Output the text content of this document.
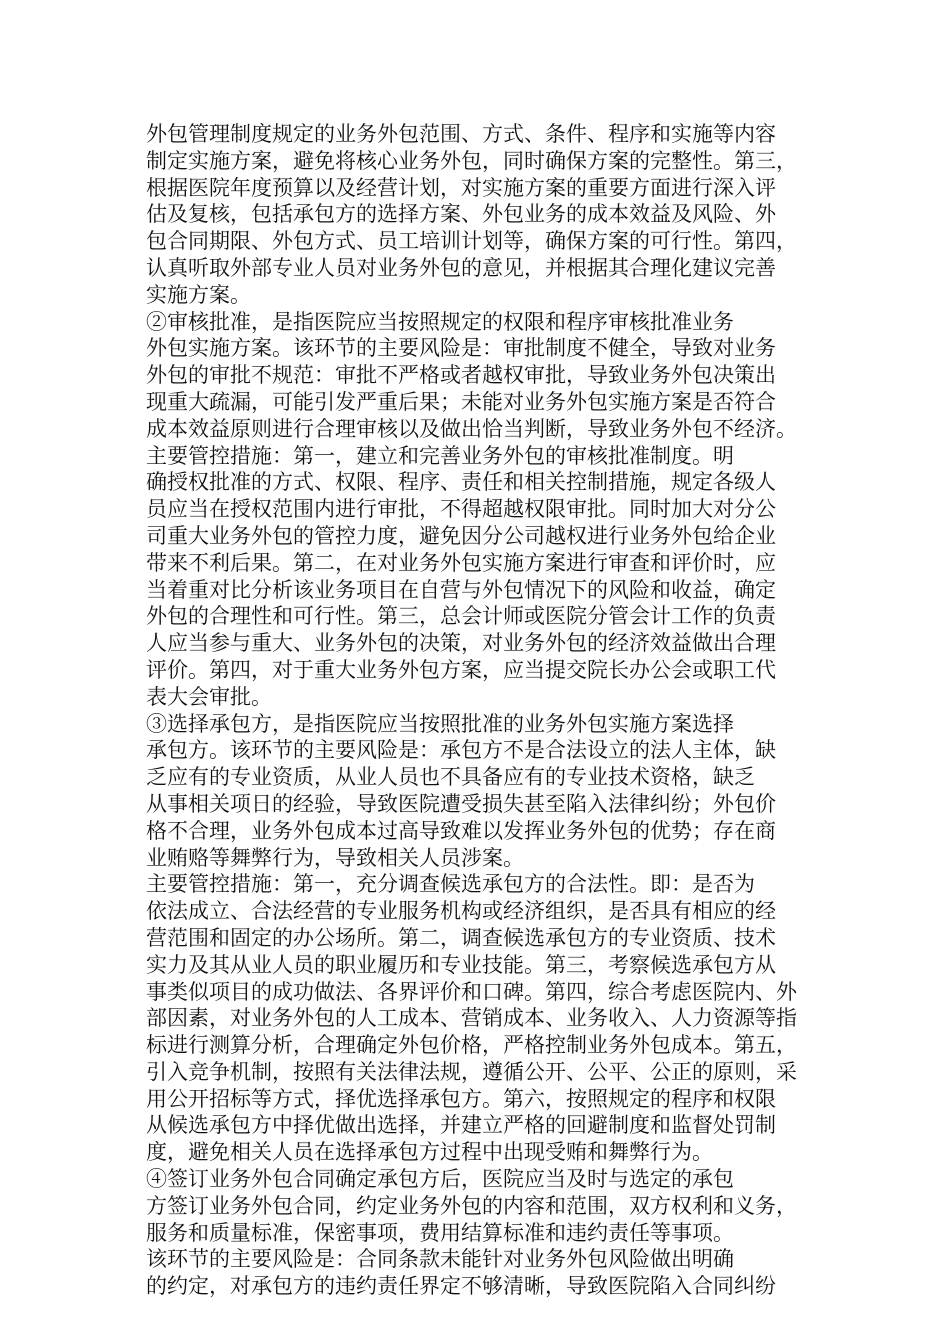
外包管理制度规定的业务外包范围、方式、条件、程序和实施等内容
制定实施方案，避免将核心业务外包，同时确保方案的完整性。第三，
根据医院年度预算以及经营计划，对实施方案的重要方面进行深入评
估及复核，包括承包方的选择方案、外包业务的成本效益及风险、外
包合同期限、外包方式、员工培训计划等，确保方案的可行性。第四，
认真听取外部专业人员对业务外包的意见，并根据其合理化建议完善
实施方案。
②审核批准，是指医院应当按照规定的权限和程序审核批准业务
外包实施方案。该环节的主要风险是：审批制度不健全，导致对业务
外包的审批不规范：审批不严格或者越权审批，导致业务外包决策出
现重大疏漏，可能引发严重后果；未能对业务外包实施方案是否符合
成本效益原则进行合理审核以及做出恰当判断，导致业务外包不经济。
主要管控措施：第一，建立和完善业务外包的审核批准制度。明
确授权批准的方式、权限、程序、责任和相关控制措施，规定各级人
员应当在授权范围内进行审批，不得超越权限审批。同时加大对分公
司重大业务外包的管控力度，避免因分公司越权进行业务外包给企业
带来不利后果。第二，在对业务外包实施方案进行审查和评价时，应
当着重对比分析该业务项目在自营与外包情况下的风险和收益，确定
外包的合理性和可行性。第三，总会计师或医院分管会计工作的负责
人应当参与重大、业务外包的决策，对业务外包的经济效益做出合理
评价。第四，对于重大业务外包方案，应当提交院长办公会或职工代
表大会审批。
③选择承包方，是指医院应当按照批准的业务外包实施方案选择
承包方。该环节的主要风险是：承包方不是合法设立的法人主体，缺
乏应有的专业资质，从业人员也不具备应有的专业技术资格，缺乏
从事相关项日的经验，导致医院遭受损失甚至陷入法律纠纷；外包价
格不合理，业务外包成本过高导致难以发挥业务外包的优势；存在商
业贿赂等舞弊行为，导致相关人员涉案。
主要管控措施：第一，充分调查候选承包方的合法性。即：是否为
依法成立、合法经营的专业服务机构或经济组织，是否具有相应的经
营范围和固定的办公场所。第二，调查候选承包方的专业资质、技术
实力及其从业人员的职业履历和专业技能。第三，考察候选承包方从
事类似项目的成功做法、各界评价和口碑。第四，综合考虑医院内、外
部因素，对业务外包的人工成本、营销成本、业务收入、人力资源等指
标进行测算分析，合理确定外包价格，严格控制业务外包成本。第五，
引入竞争机制，按照有关法律法规，遵循公开、公平、公正的原则，采
用公开招标等方式，择优选择承包方。第六，按照规定的程序和权限
从候选承包方中择优做出选择，并建立严格的回避制度和监督处罚制
度，避免相关人员在选择承包方过程中出现受贿和舞弊行为。
④签订业务外包合同确定承包方后，医院应当及时与选定的承包
方签订业务外包合同，约定业务外包的内容和范围，双方权利和义务，
服务和质量标准，保密事项，费用结算标准和违约责任等事项。
该环节的主要风险是：合同条款未能针对业务外包风险做出明确
的约定，对承包方的违约责任界定不够清晰，导致医院陷入合同纠纷
